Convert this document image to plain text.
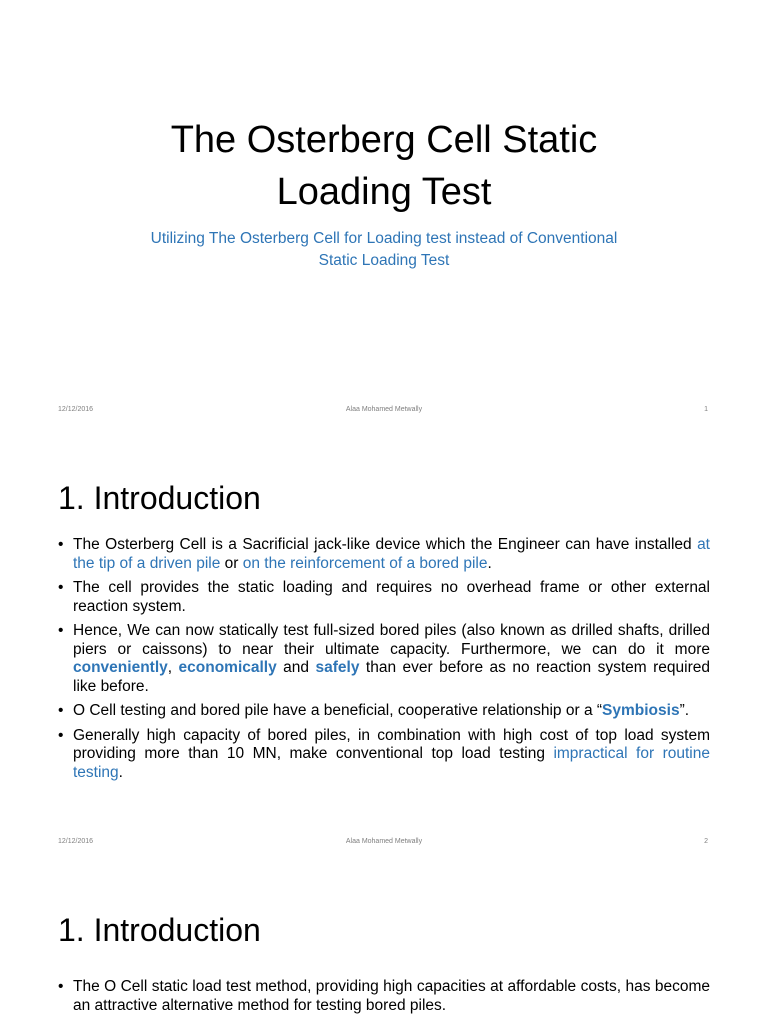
The Osterberg Cell Static
Loading Test
Utilizing The Osterberg Cell for Loading test instead of Conventional
Static Loading Test
12/12/2016	Alaa Mohamed Metwally	1
1. Introduction
• The Osterberg Cell is a Sacrificial jack-like device which the Engineer can have installed at the tip of a driven pile or on the reinforcement of a bored pile.
• The cell provides the static loading and requires no overhead frame or other external reaction system.
• Hence, We can now statically test full-sized bored piles (also known as drilled shafts, drilled piers or caissons) to near their ultimate capacity. Furthermore, we can do it more conveniently, economically and safely than ever before as no reaction system required like before.
• O Cell testing and bored pile have a beneficial, cooperative relationship or a “Symbiosis”.
• Generally high capacity of bored piles, in combination with high cost of top load system providing more than 10 MN, make conventional top load testing impractical for routine testing.
12/12/2016	Alaa Mohamed Metwally	2
1. Introduction
• The O Cell static load test method, providing high capacities at affordable costs, has become an attractive alternative method for testing bored piles.
